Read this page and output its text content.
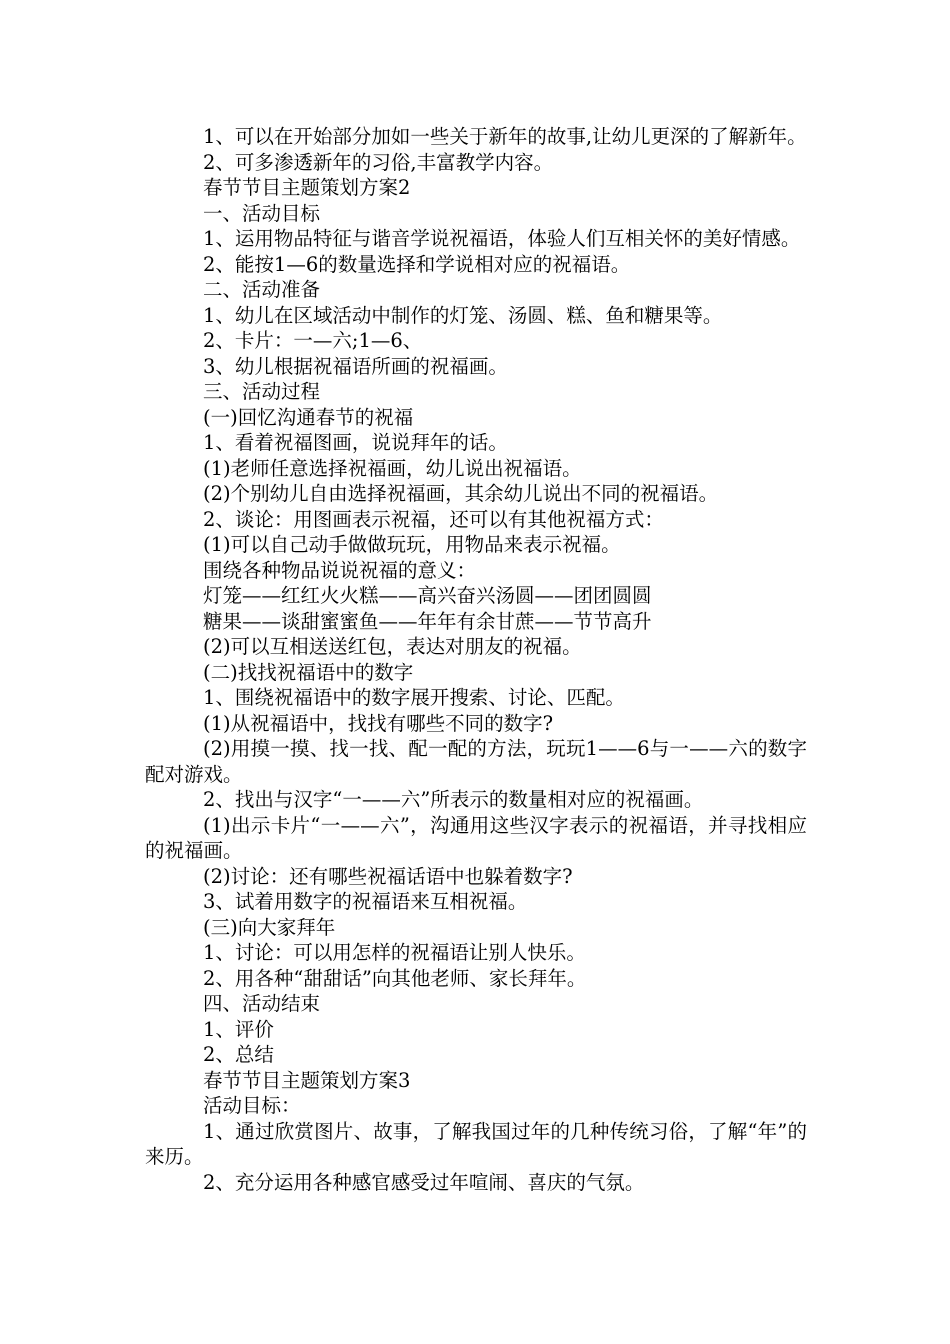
1、可以在开始部分加如一些关于新年的故事,让幼儿更深的了解新年。

2、可多渗透新年的习俗,丰富教学内容。

春节节目主题策划方案2

一、活动目标

1、运用物品特征与谐音学说祝福语，体验人们互相关怀的美好情感。

2、能按1—6的数量选择和学说相对应的祝福语。

二、活动准备

1、幼儿在区域活动中制作的灯笼、汤圆、糕、鱼和糖果等。

2、卡片：一—六;1—6、

3、幼儿根据祝福语所画的祝福画。

三、活动过程

(一)回忆沟通春节的祝福

1、看着祝福图画，说说拜年的话。

(1)老师任意选择祝福画，幼儿说出祝福语。

(2)个别幼儿自由选择祝福画，其余幼儿说出不同的祝福语。

2、谈论：用图画表示祝福，还可以有其他祝福方式：

(1)可以自己动手做做玩玩，用物品来表示祝福。

围绕各种物品说说祝福的意义：

灯笼——红红火火糕——高兴奋兴汤圆——团团圆圆

糖果——谈甜蜜蜜鱼——年年有余甘蔗——节节高升

(2)可以互相送送红包，表达对朋友的祝福。

(二)找找祝福语中的数字

1、围绕祝福语中的数字展开搜索、讨论、匹配。

(1)从祝福语中，找找有哪些不同的数字?

(2)用摸一摸、找一找、配一配的方法，玩玩1——6与一——六的数字配对游戏。

2、找出与汉字“一——六”所表示的数量相对应的祝福画。

(1)出示卡片“一——六”，沟通用这些汉字表示的祝福语，并寻找相应的祝福画。

(2)讨论：还有哪些祝福话语中也躲着数字?

3、试着用数字的祝福语来互相祝福。

(三)向大家拜年

1、讨论：可以用怎样的祝福语让别人快乐。

2、用各种“甜甜话”向其他老师、家长拜年。

四、活动结束

1、评价

2、总结

春节节目主题策划方案3

活动目标：

1、通过欣赏图片、故事，了解我国过年的几种传统习俗，了解“年”的来历。

2、充分运用各种感官感受过年喧闹、喜庆的气氛。
